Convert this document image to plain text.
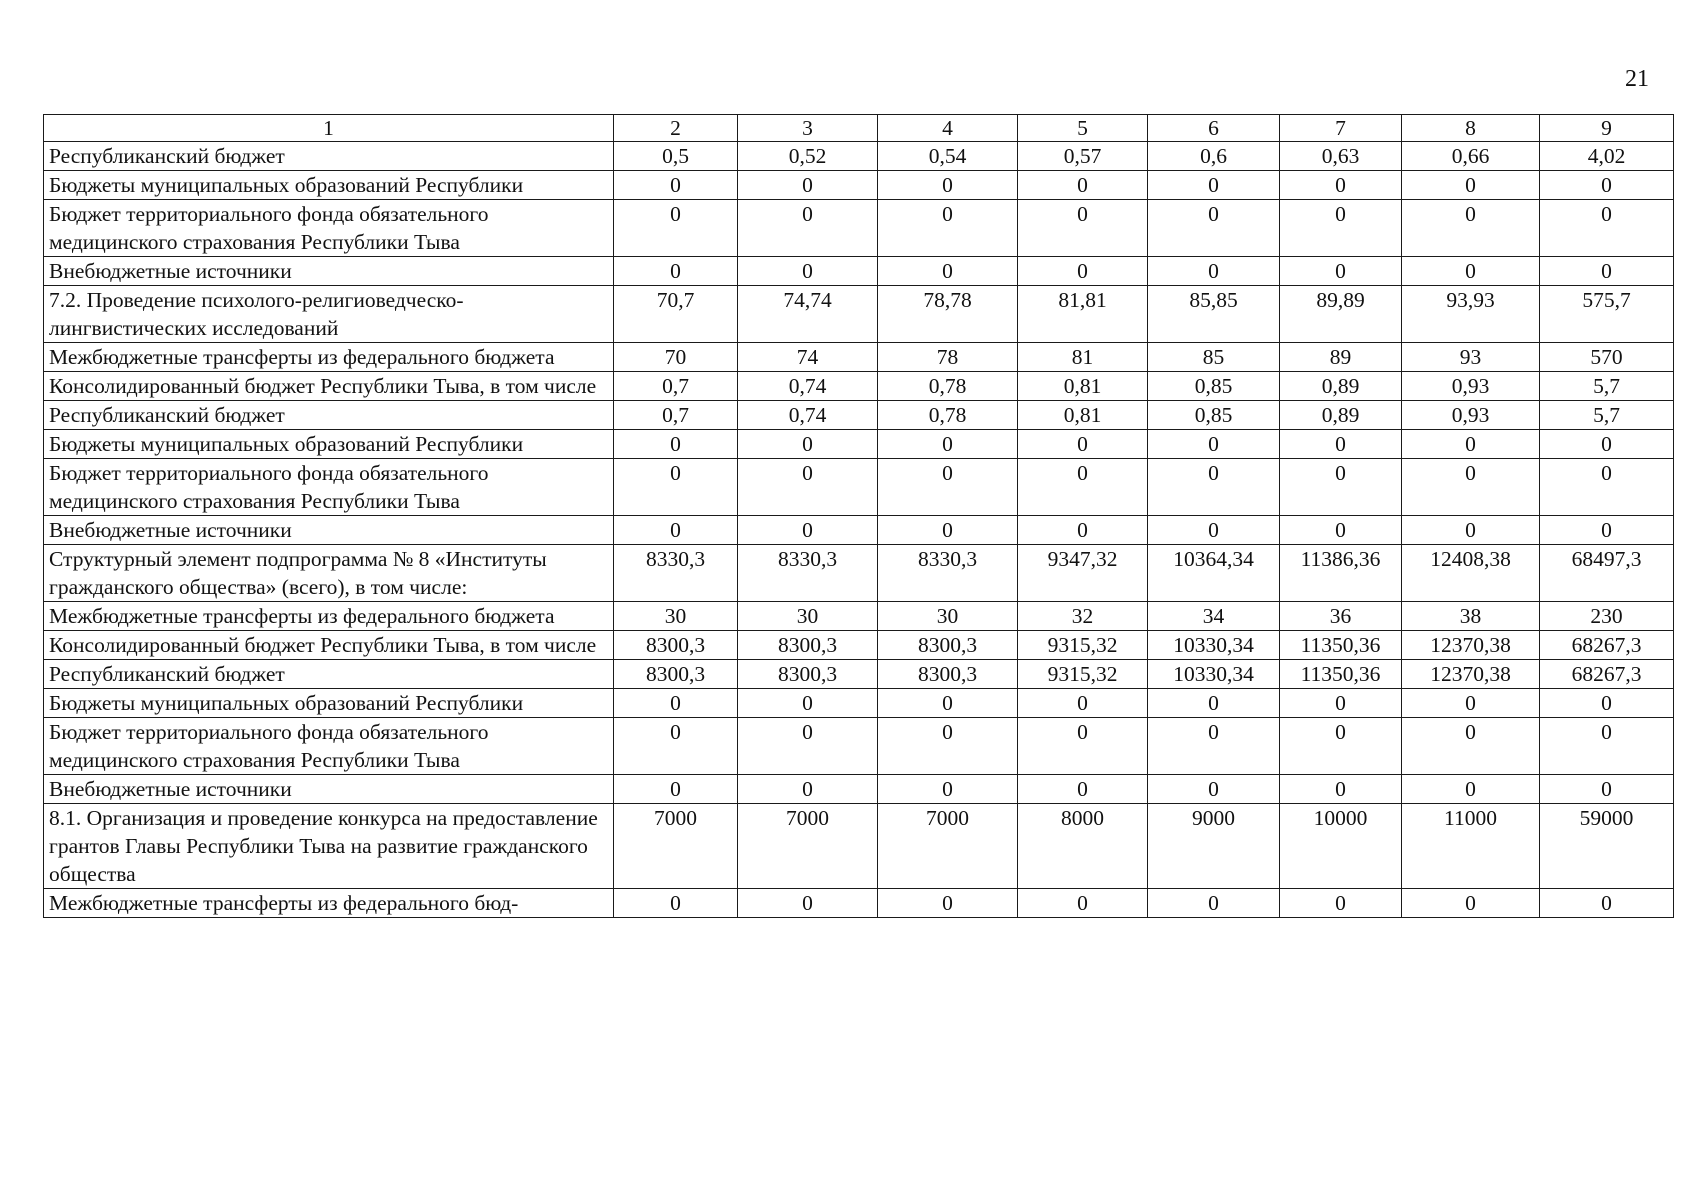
21
1	2	3	4	5	6	7	8	9
Республиканский бюджет	0,5	0,52	0,54	0,57	0,6	0,63	0,66	4,02
Бюджеты муниципальных образований Республики	0	0	0	0	0	0	0	0
Бюджет территориального фонда обязательного медицинского страхования Республики Тыва	0	0	0	0	0	0	0	0
Внебюджетные источники	0	0	0	0	0	0	0	0
7.2. Проведение психолого-религиоведческо-лингвистических исследований	70,7	74,74	78,78	81,81	85,85	89,89	93,93	575,7
Межбюджетные трансферты из федерального бюджета	70	74	78	81	85	89	93	570
Консолидированный бюджет Республики Тыва, в том числе	0,7	0,74	0,78	0,81	0,85	0,89	0,93	5,7
Республиканский бюджет	0,7	0,74	0,78	0,81	0,85	0,89	0,93	5,7
Бюджеты муниципальных образований Республики	0	0	0	0	0	0	0	0
Бюджет территориального фонда обязательного медицинского страхования Республики Тыва	0	0	0	0	0	0	0	0
Внебюджетные источники	0	0	0	0	0	0	0	0
Структурный элемент подпрограмма № 8 «Институты гражданского общества» (всего), в том числе:	8330,3	8330,3	8330,3	9347,32	10364,34	11386,36	12408,38	68497,3
Межбюджетные трансферты из федерального бюджета	30	30	30	32	34	36	38	230
Консолидированный бюджет Республики Тыва, в том числе	8300,3	8300,3	8300,3	9315,32	10330,34	11350,36	12370,38	68267,3
Республиканский бюджет	8300,3	8300,3	8300,3	9315,32	10330,34	11350,36	12370,38	68267,3
Бюджеты муниципальных образований Республики	0	0	0	0	0	0	0	0
Бюджет территориального фонда обязательного медицинского страхования Республики Тыва	0	0	0	0	0	0	0	0
Внебюджетные источники	0	0	0	0	0	0	0	0
8.1. Организация и проведение конкурса на предоставление грантов Главы Республики Тыва на развитие гражданского общества	7000	7000	7000	8000	9000	10000	11000	59000
Межбюджетные трансферты из федерального бюд-	0	0	0	0	0	0	0	0
